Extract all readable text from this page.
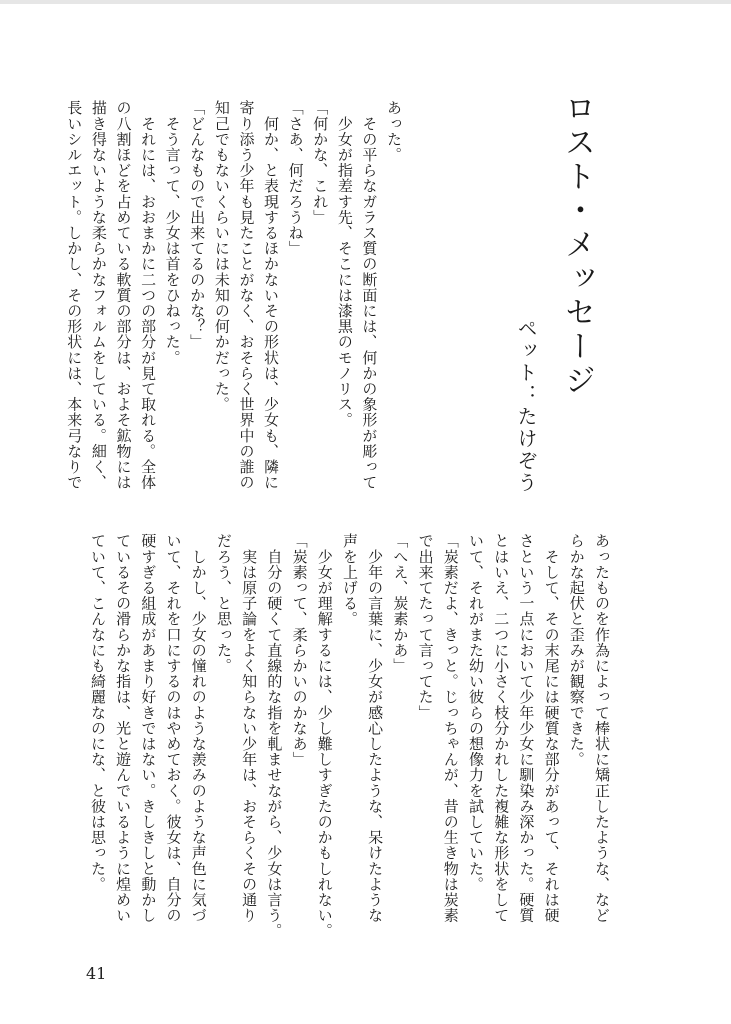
ロスト・メッセージ
ペット：たけぞう
あった。
　その平らなガラス質の断面には、何かの象形が彫って
　少女が指差す先、そこには漆黒のモノリス。
「何かな、これ」
「さあ、何だろうね」
　何か、と表現するほかないその形状は、少女も、隣に
寄り添う少年も見たことがなく、おそらく世界中の誰の
知己でもないくらいには未知の何かだった。
「どんなもので出来てるのかな？」
　そう言って、少女は首をひねった。
　それには、おおまかに二つの部分が見て取れる。全体
の八割ほどを占めている軟質の部分は、およそ鉱物には
描き得ないような柔らかなフォルムをしている。細く、
長いシルエット。しかし、その形状には、本来弓なりで
あったものを作為によって棒状に矯正したような、など
らかな起伏と歪みが観察できた。
　そして、その末尾には硬質な部分があって、それは硬
さという一点において少年少女に馴染み深かった。硬質
とはいえ、二つに小さく枝分かれした複雑な形状をして
いて、それがまた幼い彼らの想像力を試していた。
「炭素だよ、きっと。じっちゃんが、昔の生き物は炭素
で出来てたって言ってた」
「へえ、炭素かあ」
　少年の言葉に、少女が感心したような、呆けたような
声を上げる。
　少女が理解するには、少し難しすぎたのかもしれない。
「炭素って、柔らかいのかなあ」
　自分の硬くて直線的な指を軋ませながら、少女は言う。
　実は原子論をよく知らない少年は、おそらくその通り
だろう、と思った。
　しかし、少女の憧れのような羨みのような声色に気づ
いて、それを口にするのはやめておく。彼女は、自分の
硬すぎる組成があまり好きではない。きしきしと動かし
ているその滑らかな指は、光と遊んでいるように煌めい
ていて、こんなにも綺麗なのにな、と彼は思った。
41
